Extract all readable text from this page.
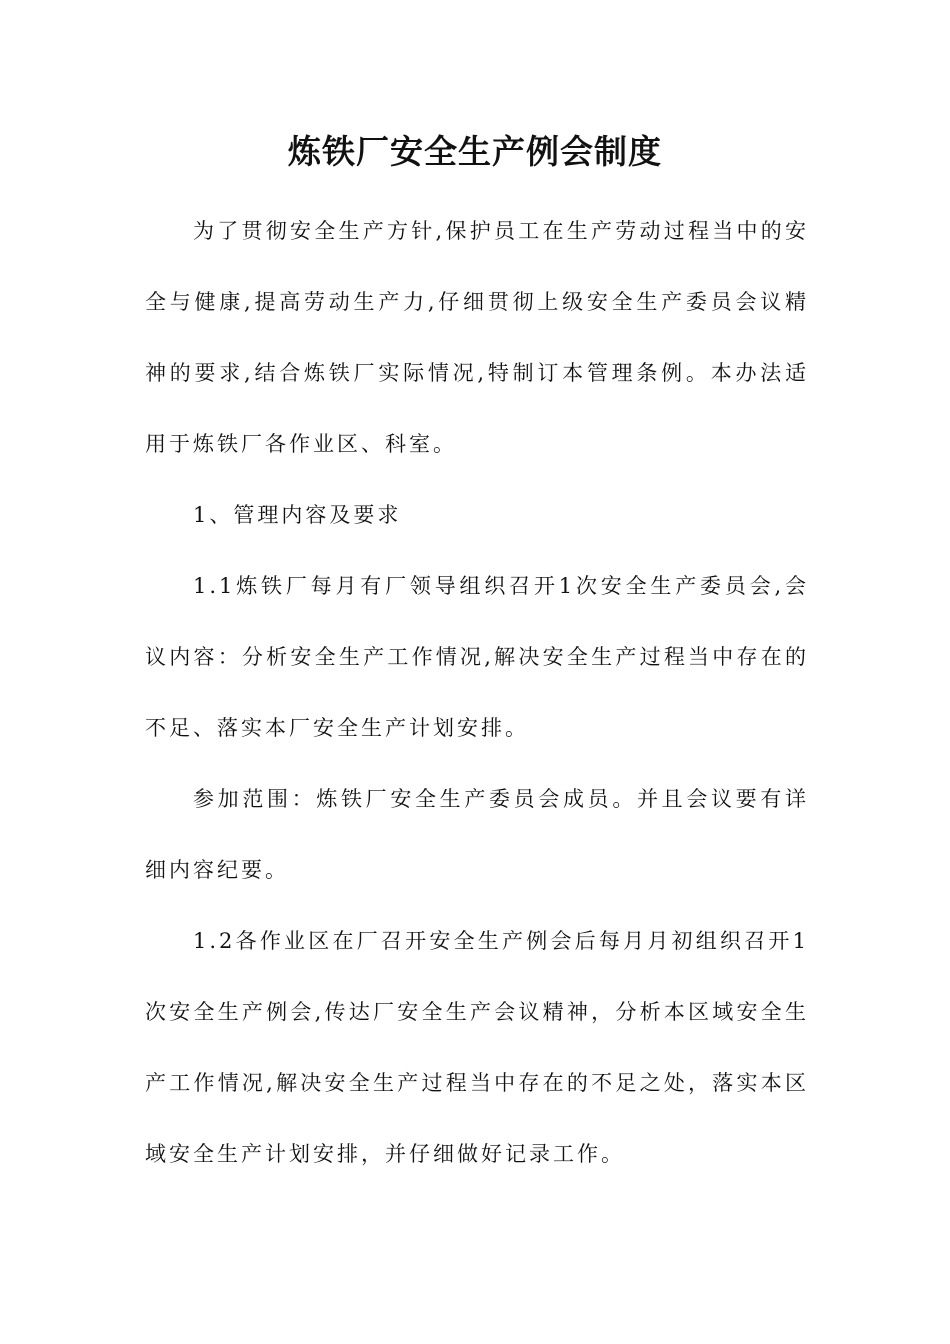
炼铁厂安全生产例会制度

为了贯彻安全生产方针,保护员工在生产劳动过程当中的安全与健康,提高劳动生产力,仔细贯彻上级安全生产委员会议精神的要求,结合炼铁厂实际情况,特制订本管理条例。本办法适用于炼铁厂各作业区、科室。

1、管理内容及要求

1.1炼铁厂每月有厂领导组织召开1次安全生产委员会,会议内容：分析安全生产工作情况,解决安全生产过程当中存在的不足、落实本厂安全生产计划安排。

参加范围：炼铁厂安全生产委员会成员。并且会议要有详细内容纪要。

1.2各作业区在厂召开安全生产例会后每月月初组织召开1次安全生产例会,传达厂安全生产会议精神，分析本区域安全生产工作情况,解决安全生产过程当中存在的不足之处，落实本区域安全生产计划安排，并仔细做好记录工作。
